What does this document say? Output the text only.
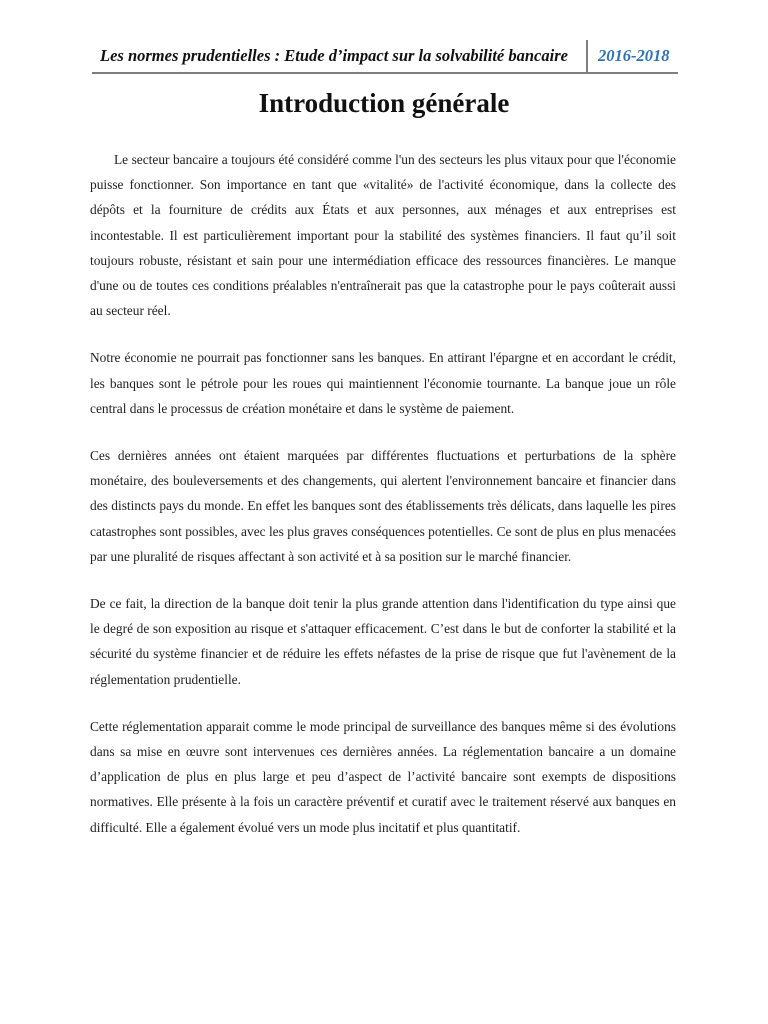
Les normes prudentielles : Etude d’impact sur la solvabilité bancaire 2016-2018
Introduction générale

Le secteur bancaire a toujours été considéré comme l'un des secteurs les plus vitaux pour que l'économie puisse fonctionner. Son importance en tant que «vitalité» de l'activité économique, dans la collecte des dépôts et la fourniture de crédits aux États et aux personnes, aux ménages et aux entreprises est incontestable. Il est particulièrement important pour la stabilité des systèmes financiers. Il faut qu’il soit toujours robuste, résistant et sain pour une intermédiation efficace des ressources financières. Le manque d'une ou de toutes ces conditions préalables n'entraînerait pas que la catastrophe pour le pays coûterait aussi au secteur réel.

Notre économie ne pourrait pas fonctionner sans les banques. En attirant l'épargne et en accordant le crédit, les banques sont le pétrole pour les roues qui maintiennent l'économie tournante. La banque joue un rôle central dans le processus de création monétaire et dans le système de paiement.

Ces dernières années ont étaient marquées par différentes fluctuations et perturbations de la sphère monétaire, des bouleversements et des changements, qui alertent l'environnement bancaire et financier dans des distincts pays du monde. En effet les banques sont des établissements très délicats, dans laquelle les pires catastrophes sont possibles, avec les plus graves conséquences potentielles. Ce sont de plus en plus menacées par une pluralité de risques affectant à son activité et à sa position sur le marché financier.

De ce fait, la direction de la banque doit tenir la plus grande attention dans l'identification du type ainsi que le degré de son exposition au risque et s'attaquer efficacement. C’est dans le but de conforter la stabilité et la sécurité du système financier et de réduire les effets néfastes de la prise de risque que fut l'avènement de la réglementation prudentielle.

Cette réglementation apparait comme le mode principal de surveillance des banques même si des évolutions dans sa mise en œuvre sont intervenues ces dernières années. La réglementation bancaire a un domaine d’application de plus en plus large et peu d’aspect de l’activité bancaire sont exempts de dispositions normatives. Elle présente à la fois un caractère préventif et curatif avec le traitement réservé aux banques en difficulté. Elle a également évolué vers un mode plus incitatif et plus quantitatif.
